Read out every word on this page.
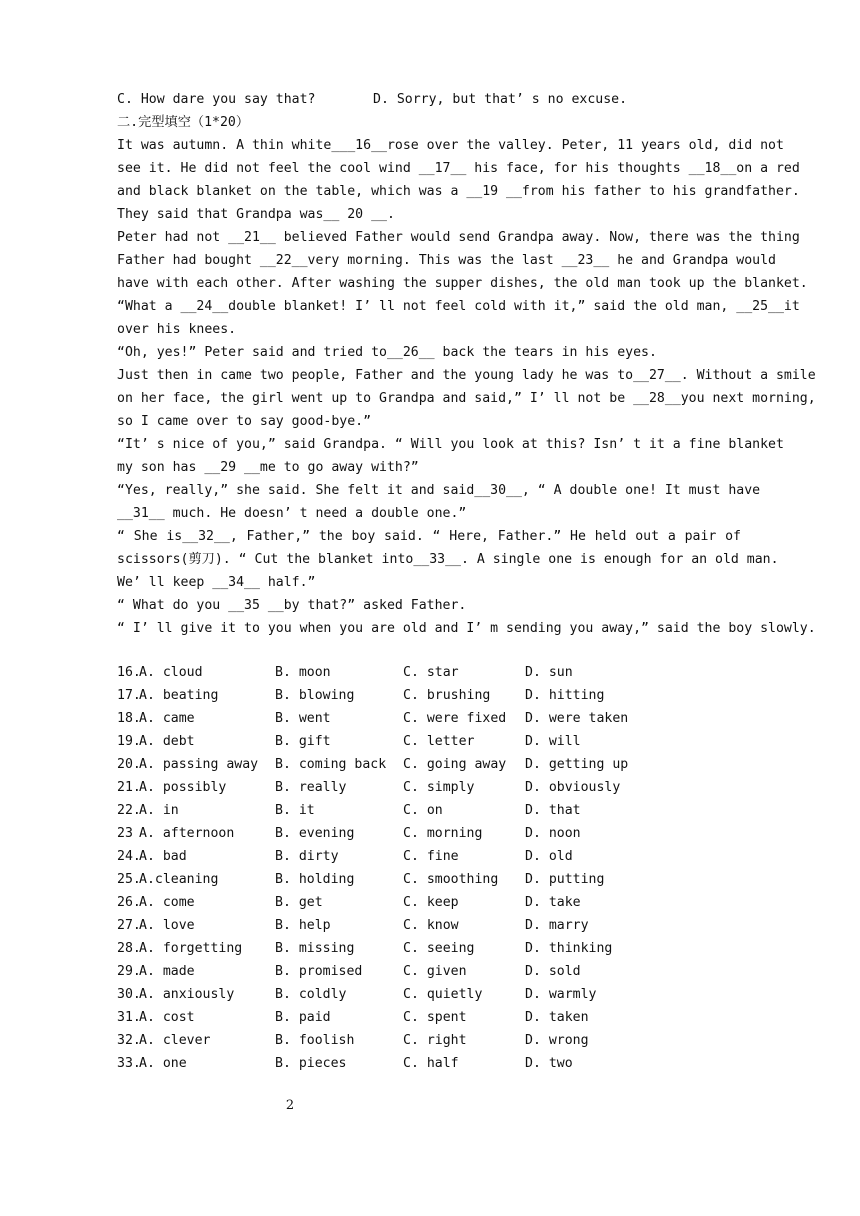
C. How dare you say that?	D. Sorry, but that’ s no excuse.
二.完型填空（1*20）
It was autumn. A thin white___16__rose over the valley. Peter, 11 years old, did not
see it. He did not feel the cool wind __17__ his face, for his thoughts __18__on a red
and black blanket on the table, which was a __19 __from his father to his grandfather.
They said that Grandpa was__ 20 __.
Peter had not __21__ believed Father would send Grandpa away. Now, there was the thing
Father had bought __22__very morning. This was the last __23__ he and Grandpa would
have with each other. After washing the supper dishes, the old man took up the blanket.
“What a __24__double blanket! I’ ll not feel cold with it,” said the old man, __25__it
over his knees.
“Oh, yes!” Peter said and tried to__26__ back the tears in his eyes.
Just then in came two people, Father and the young lady he was to__27__. Without a smile
on her face, the girl went up to Grandpa and said,” I’ ll not be __28__you next morning,
so I came over to say good-bye.”
“It’ s nice of you,” said Grandpa. “ Will you look at this? Isn’ t it a fine blanket
my son has __29 __me to go away with?”
“Yes, really,” she said. She felt it and said__30__, “ A double one! It must have
__31__ much. He doesn’ t need a double one.”
“ She is__32__, Father,” the boy said. “ Here, Father.” He held out a pair of
scissors(剪刀). “ Cut the blanket into__33__. A single one is enough for an old man.
We’ ll keep __34__ half.”
“ What do you __35 __by that?” asked Father.
“ I’ ll give it to you when you are old and I’ m sending you away,” said the boy slowly.
16.
A. cloud	B. moon	C. star	D. sun
17.
A. beating	B. blowing	C. brushing	D. hitting
18.
A. came	B. went	C. were fixed D. were taken
19.
A. debt	B. gift	C. letter	D. will
20.
A. passing away B. coming back C. going away D. getting up
21.
A. possibly	B. really	C. simply	D. obviously
22.
A. in	B. it	C. on	D. that
23 A. afternoon	B. evening	C. morning	D. noon
24.
A. bad	B. dirty	C. fine	D. old
25.
A.cleaning	B. holding	C. smoothing D. putting
26.
A. come	B. get	C. keep	D. take
27.
A. love	B. help	C. know	D. marry
28.
A. forgetting B. missing	C. seeing	D. thinking
29.
A. made	B. promised	C. given	D. sold
30.
A. anxiously	B. coldly	C. quietly	D. warmly
31.
A. cost	B. paid	C. spent	D. taken
32.
A. clever	B. foolish	C. right	D. wrong
33.
A. one	B. pieces	C. half	D. two
2
